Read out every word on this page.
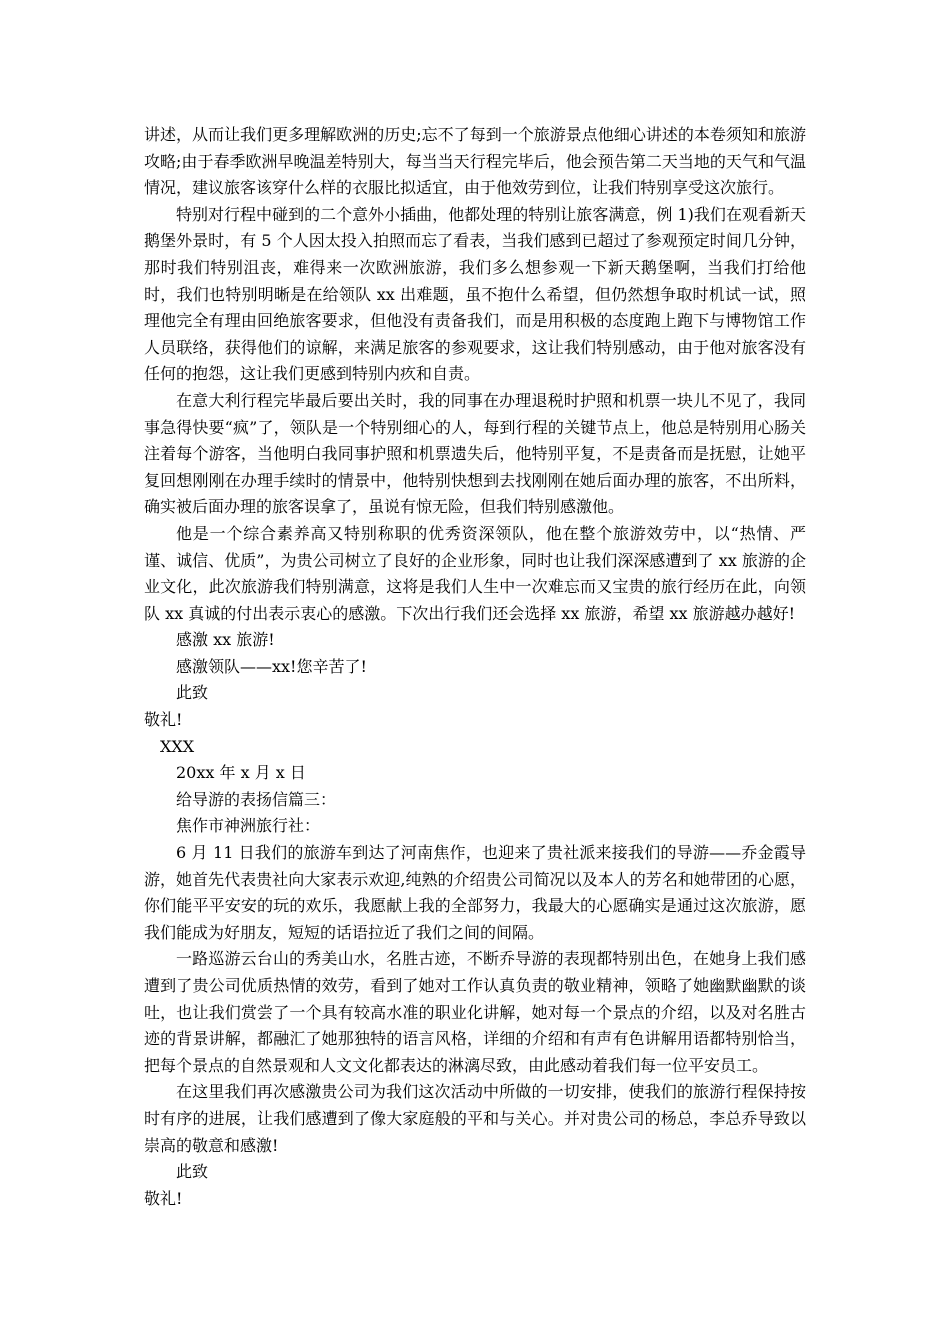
讲述，从而让我们更多理解欧洲的历史;忘不了每到一个旅游景点他细心讲述的本卷须知和旅游攻略;由于春季欧洲早晚温差特别大，每当当天行程完毕后，他会预告第二天当地的天气和气温情况，建议旅客该穿什么样的衣服比拟适宜，由于他效劳到位，让我们特别享受这次旅行。

特别对行程中碰到的二个意外小插曲，他都处理的特别让旅客满意，例 1)我们在观看新天鹅堡外景时，有 5 个人因太投入拍照而忘了看表，当我们感到已超过了参观预定时间几分钟，那时我们特别沮丧，难得来一次欧洲旅游，我们多么想参观一下新天鹅堡啊，当我们打给他时，我们也特别明晰是在给领队 xx 出难题，虽不抱什么希望，但仍然想争取时机试一试，照理他完全有理由回绝旅客要求，但他没有责备我们，而是用积极的态度跑上跑下与博物馆工作人员联络，获得他们的谅解，来满足旅客的参观要求，这让我们特别感动，由于他对旅客没有任何的抱怨，这让我们更感到特别内疚和自责。

在意大利行程完毕最后要出关时，我的同事在办理退税时护照和机票一块儿不见了，我同事急得快要“疯”了，领队是一个特别细心的人，每到行程的关键节点上，他总是特别用心肠关注着每个游客，当他明白我同事护照和机票遗失后，他特别平复，不是责备而是抚慰，让她平复回想刚刚在办理手续时的情景中，他特别快想到去找刚刚在她后面办理的旅客，不出所料，确实被后面办理的旅客误拿了，虽说有惊无险，但我们特别感激他。

他是一个综合素养高又特别称职的优秀资深领队，他在整个旅游效劳中，以“热情、严谨、诚信、优质”，为贵公司树立了良好的企业形象，同时也让我们深深感遭到了 xx 旅游的企业文化，此次旅游我们特别满意，这将是我们人生中一次难忘而又宝贵的旅行经历在此，向领队 xx 真诚的付出表示衷心的感激。下次出行我们还会选择 xx 旅游，希望 xx 旅游越办越好!

感激 xx 旅游!

感激领队——xx!您辛苦了!

此致

敬礼!

XXX

20xx 年 x 月 x 日

给导游的表扬信篇三：

焦作市神洲旅行社：

6 月 11 日我们的旅游车到达了河南焦作，也迎来了贵社派来接我们的导游——乔金霞导游，她首先代表贵社向大家表示欢迎,纯熟的介绍贵公司简况以及本人的芳名和她带团的心愿，你们能平平安安的玩的欢乐，我愿献上我的全部努力，我最大的心愿确实是通过这次旅游，愿我们能成为好朋友，短短的话语拉近了我们之间的间隔。

一路巡游云台山的秀美山水，名胜古迹，不断乔导游的表现都特别出色，在她身上我们感遭到了贵公司优质热情的效劳，看到了她对工作认真负责的敬业精神，领略了她幽默幽默的谈吐，也让我们赏尝了一个具有较高水准的职业化讲解，她对每一个景点的介绍，以及对名胜古迹的背景讲解，都融汇了她那独特的语言风格，详细的介绍和有声有色讲解用语都特别恰当，把每个景点的自然景观和人文文化都表达的淋漓尽致，由此感动着我们每一位平安员工。

在这里我们再次感激贵公司为我们这次活动中所做的一切安排，使我们的旅游行程保持按时有序的进展，让我们感遭到了像大家庭般的平和与关心。并对贵公司的杨总，李总乔导致以崇高的敬意和感激!

此致

敬礼!
